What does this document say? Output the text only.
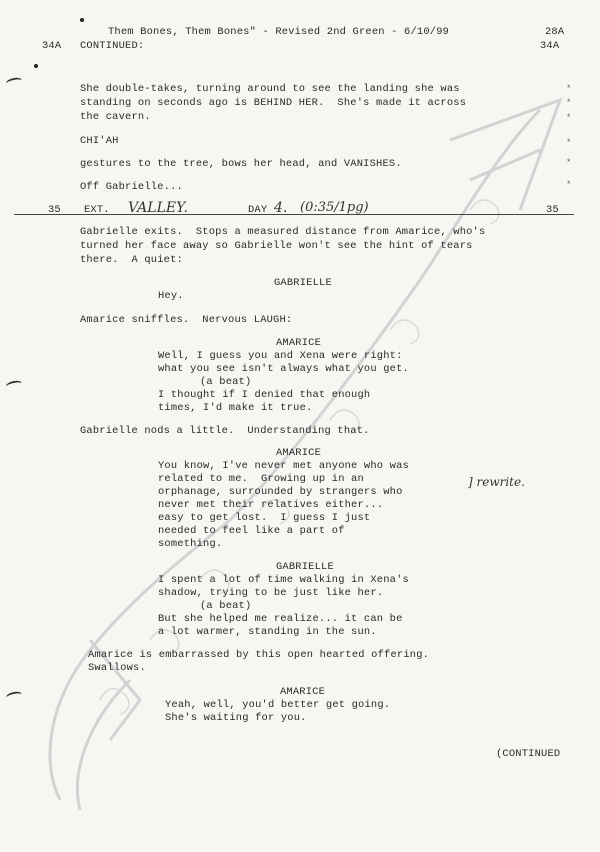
*
*
*
*
*
*
Them Bones, Them Bones" - Revised 2nd Green - 6/10/99	28A
34A CONTINUED:	34A
She double-takes, turning around to see the landing she was
standing on seconds ago is BEHIND HER.  She's made it across
the cavern.
CHI'AH
gestures to the tree, bows her head, and VANISHES.
Off Gabrielle...
35 EXT. VALLEY.	DAY 4. (0:35/1pg)	35
Gabrielle exits.  Stops a measured distance from Amarice, who's
turned her face away so Gabrielle won't see the hint of tears
there.  A quiet:
GABRIELLE
Hey.
Amarice sniffles.  Nervous LAUGH:
AMARICE
Well, I guess you and Xena were right:
what you see isn't always what you get.
(a beat)
I thought if I denied that enough
times, I'd make it true.
Gabrielle nods a little.  Understanding that.
AMARICE
You know, I've never met anyone who was
related to me.  Growing up in an
orphanage, surrounded by strangers who
never met their relatives either...
easy to get lost.  I guess I just
needed to feel like a part of
something.
] rewrite.
GABRIELLE
I spent a lot of time walking in Xena's
shadow, trying to be just like her.
(a beat)
But she helped me realize... it can be
a lot warmer, standing in the sun.
Amarice is embarrassed by this open hearted offering.
Swallows.
AMARICE
Yeah, well, you'd better get going.
She's waiting for you.
(CONTINUED
